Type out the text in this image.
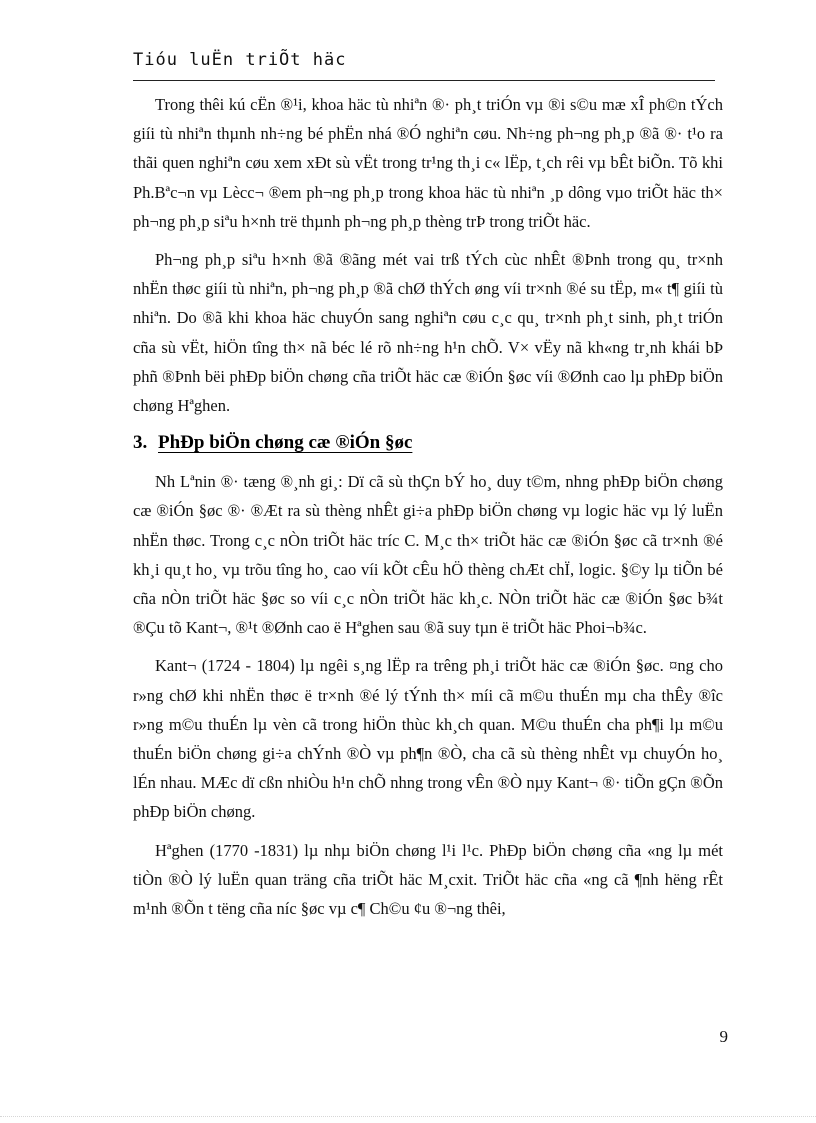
Tióu luËn triÕt häc

Trong thêi kú cËn ®¹i, khoa häc tù nhiªn ®· ph¸t triÓn vµ ®i s©u mæ xÎ ph©n tÝch giíi tù nhiªn thµnh nh÷ng bé phËn nhá ®Ó nghiªn cøu. Nh÷ng ph¬ng ph¸p ®ã ®· t¹o ra thãi quen nghiªn cøu xem xÐt sù vËt trong tr¹ng th¸i c« lËp, t¸ch rêi vµ bÊt biÕn. Tõ khi Ph.Bªc¬n vµ Lècc¬ ®em ph¬ng ph¸p trong khoa häc tù nhiªn ¸p dông vµo triÕt häc th× ph¬ng ph¸p siªu h×nh trë thµnh ph¬ng ph¸p thèng trÞ trong triÕt häc.

Ph¬ng ph¸p siªu h×nh ®ã ®ãng mét vai trß tÝch cùc nhÊt ®Þnh trong qu¸ tr×nh nhËn thøc giíi tù nhiªn, ph¬ng ph¸p ®ã chØ thÝch øng víi tr×nh ®é su tËp, m« t¶ giíi tù nhiªn. Do ®ã khi khoa häc chuyÓn sang nghiªn cøu c¸c qu¸ tr×nh ph¸t sinh, ph¸t triÓn cña sù vËt, hiÖn tîng th× nã béc lé rõ nh÷ng h¹n chÕ. V× vËy nã kh«ng tr¸nh khái bÞ phñ ®Þnh bëi phÐp biÖn chøng cña triÕt häc cæ ®iÓn §øc víi ®Ønh cao lµ phÐp biÖn chøng Hªghen.

3. PhÐp biÖn chøng cæ ®iÓn §øc

Nh Lªnin ®· tæng ®¸nh gi¸: Dï cã sù thÇn bÝ ho¸ duy t©m, nhng phÐp biÖn chøng cæ ®iÓn §øc ®· ®Æt ra sù thèng nhÊt gi÷a phÐp biÖn chøng vµ logic häc vµ lý luËn nhËn thøc. Trong c¸c nÒn triÕt häc tríc C. M¸c th× triÕt häc cæ ®iÓn §øc cã tr×nh ®é kh¸i qu¸t ho¸ vµ trõu tîng ho¸ cao víi kÕt cÊu hÖ thèng chÆt chÏ, logic. §©y lµ tiÕn bé cña nÒn triÕt häc §øc so víi c¸c nÒn triÕt häc kh¸c. NÒn triÕt häc cæ ®iÓn §øc b¾t ®Çu tõ Kant¬, ®¹t ®Ønh cao ë Hªghen sau ®ã suy tµn ë triÕt häc Phoi¬b¾c.

Kant¬ (1724 - 1804) lµ ngêi s¸ng lËp ra trêng ph¸i triÕt häc cæ ®iÓn §øc. ¤ng cho r»ng chØ khi nhËn thøc ë tr×nh ®é lý tÝnh th× míi cã m©u thuÉn mµ cha thÊy ®îc r»ng m©u thuÉn lµ vèn cã trong hiÖn thùc kh¸ch quan. M©u thuÉn cha ph¶i lµ m©u thuÉn biÖn chøng gi÷a chÝnh ®Ò vµ ph¶n ®Ò, cha cã sù thèng nhÊt vµ chuyÓn ho¸ lÉn nhau. MÆc dï cßn nhiÒu h¹n chÕ nhng trong vÊn ®Ò nµy Kant¬ ®· tiÕn gÇn ®Õn phÐp biÖn chøng.

Hªghen (1770 -1831) lµ nhµ biÖn chøng l¹i l¹c. PhÐp biÖn chøng cña «ng lµ mét tiÒn ®Ò lý luËn quan träng cña triÕt häc M¸cxit. TriÕt häc cña «ng cã ¶nh hëng rÊt m¹nh ®Õn t tëng cña níc §øc vµ c¶ Ch©u ¢u ®¬ng thêi,

9
